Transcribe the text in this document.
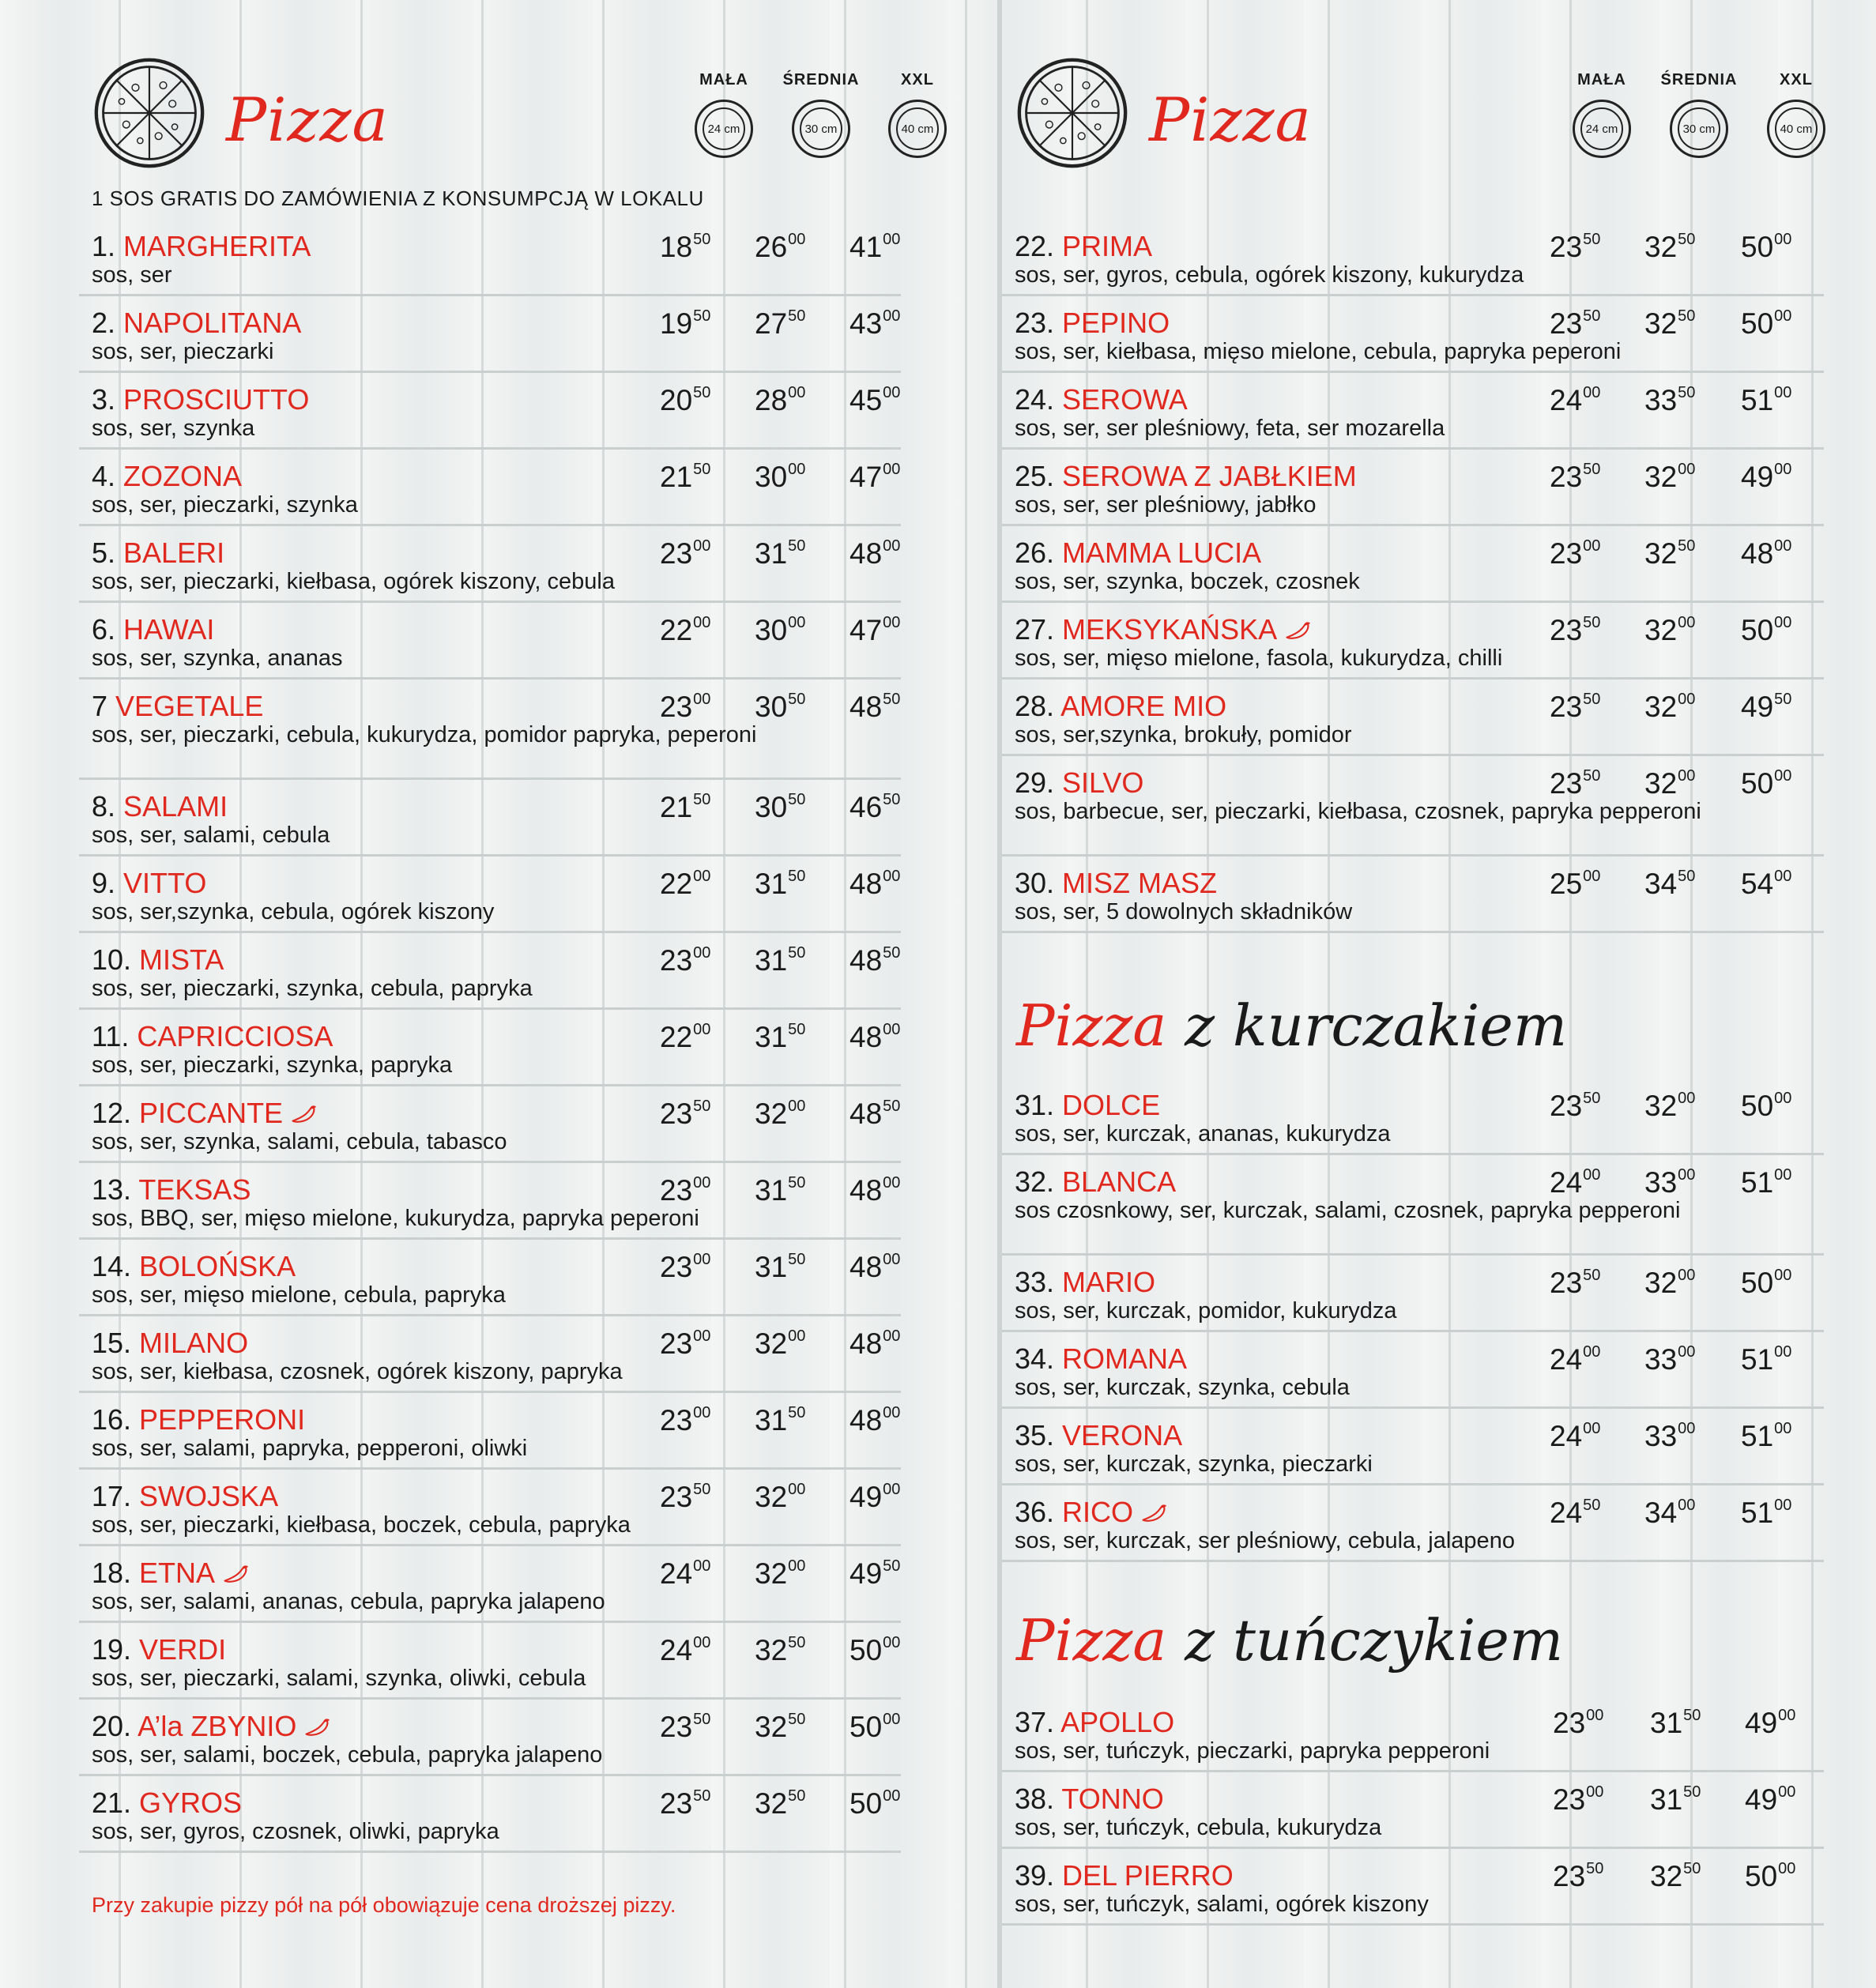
Pizza
MAŁA
24 cm
ŚREDNIA
30 cm
XXL
40 cm
1 SOS GRATIS DO ZAMÓWIENIA Z KONSUMPCJĄ W LOKALU
1. MARGHERITA
sos, ser
$18^{50}$	$26^{00}$	$41^{00}$
2. NAPOLITANA
sos, ser, pieczarki
$19^{50}$	$27^{50}$	$43^{00}$
3. PROSCIUTTO
sos, ser, szynka
$20^{50}$	$28^{00}$	$45^{00}$
4. ZOZONA
sos, ser, pieczarki, szynka
$21^{50}$	$30^{00}$	$47^{00}$
5. BALERI
sos, ser, pieczarki, kiełbasa, ogórek kiszony, cebula
$23^{00}$	$31^{50}$	$48^{00}$
6. HAWAI
sos, ser, szynka, ananas
$22^{00}$	$30^{00}$	$47^{00}$
7 VEGETALE
sos, ser, pieczarki, cebula, kukurydza, pomidor papryka, peperoni
$23^{00}$	$30^{50}$	$48^{50}$
8. SALAMI
sos, ser, salami, cebula
$21^{50}$	$30^{50}$	$46^{50}$
9. VITTO
sos, ser,szynka, cebula, ogórek kiszony
$22^{00}$	$31^{50}$	$48^{00}$
10. MISTA
sos, ser, pieczarki, szynka, cebula, papryka
$23^{00}$	$31^{50}$	$48^{50}$
11. CAPRICCIOSA
sos, ser, pieczarki, szynka, papryka
$22^{00}$	$31^{50}$	$48^{00}$
12. PICCANTE
sos, ser, szynka, salami, cebula, tabasco
$23^{50}$	$32^{00}$	$48^{50}$
13. TEKSAS
sos, BBQ, ser, mięso mielone, kukurydza, papryka peperoni
$23^{00}$	$31^{50}$	$48^{00}$
14. BOLOŃSKA
sos, ser, mięso mielone, cebula, papryka
$23^{00}$	$31^{50}$	$48^{00}$
15. MILANO
sos, ser, kiełbasa, czosnek, ogórek kiszony, papryka
$23^{00}$	$32^{00}$	$48^{00}$
16. PEPPERONI
sos, ser, salami, papryka, pepperoni, oliwki
$23^{00}$	$31^{50}$	$48^{00}$
17. SWOJSKA
sos, ser, pieczarki, kiełbasa, boczek, cebula, papryka
$23^{50}$	$32^{00}$	$49^{00}$
18. ETNA
sos, ser, salami, ananas, cebula, papryka jalapeno
$24^{00}$	$32^{00}$	$49^{50}$
19. VERDI
sos, ser, pieczarki, salami, szynka, oliwki, cebula
$24^{00}$	$32^{50}$	$50^{00}$
20. A’la ZBYNIO
sos, ser, salami, boczek, cebula, papryka jalapeno
$23^{50}$	$32^{50}$	$50^{00}$
21. GYROS
sos, ser, gyros, czosnek, oliwki, papryka
$23^{50}$	$32^{50}$	$50^{00}$
Przy zakupie pizzy pół na pół obowiązuje cena droższej pizzy.
Pizza
MAŁA
24 cm
ŚREDNIA
30 cm
XXL
40 cm
22. PRIMA
sos, ser, gyros, cebula, ogórek kiszony, kukurydza
$23^{50}$	$32^{50}$	$50^{00}$
23. PEPINO
sos, ser, kiełbasa, mięso mielone, cebula, papryka peperoni
$23^{50}$	$32^{50}$	$50^{00}$
24. SEROWA
sos, ser, ser pleśniowy, feta, ser mozarella
$24^{00}$	$33^{50}$	$51^{00}$
25. SEROWA Z JABŁKIEM
sos, ser, ser pleśniowy, jabłko
$23^{50}$	$32^{00}$	$49^{00}$
26. MAMMA LUCIA
sos, ser, szynka, boczek, czosnek
$23^{00}$	$32^{50}$	$48^{00}$
27. MEKSYKAŃSKA
sos, ser, mięso mielone, fasola, kukurydza, chilli
$23^{50}$	$32^{00}$	$50^{00}$
28. AMORE MIO
sos, ser,szynka, brokuły, pomidor
$23^{50}$	$32^{00}$	$49^{50}$
29. SILVO
sos, barbecue, ser, pieczarki, kiełbasa, czosnek, papryka pepperoni
$23^{50}$	$32^{00}$	$50^{00}$
30. MISZ MASZ
sos, ser, 5 dowolnych składników
$25^{00}$	$34^{50}$	$54^{00}$
Pizza z kurczakiem
31. DOLCE
sos, ser, kurczak, ananas, kukurydza
$23^{50}$	$32^{00}$	$50^{00}$
32. BLANCA
sos czosnkowy, ser, kurczak, salami, czosnek, papryka pepperoni
$24^{00}$	$33^{00}$	$51^{00}$
33. MARIO
sos, ser, kurczak, pomidor, kukurydza
$23^{50}$	$32^{00}$	$50^{00}$
34. ROMANA
sos, ser, kurczak, szynka, cebula
$24^{00}$	$33^{00}$	$51^{00}$
35. VERONA
sos, ser, kurczak, szynka, pieczarki
$24^{00}$	$33^{00}$	$51^{00}$
36. RICO
sos, ser, kurczak, ser pleśniowy, cebula, jalapeno
$24^{50}$	$34^{00}$	$51^{00}$
Pizza z tuńczykiem
37. APOLLO
sos, ser, tuńczyk, pieczarki, papryka pepperoni
$23^{00}$	$31^{50}$	$49^{00}$
38. TONNO
sos, ser, tuńczyk, cebula, kukurydza
$23^{00}$	$31^{50}$	$49^{00}$
39. DEL PIERRO
sos, ser, tuńczyk, salami, ogórek kiszony
$23^{50}$	$32^{50}$	$50^{00}$
